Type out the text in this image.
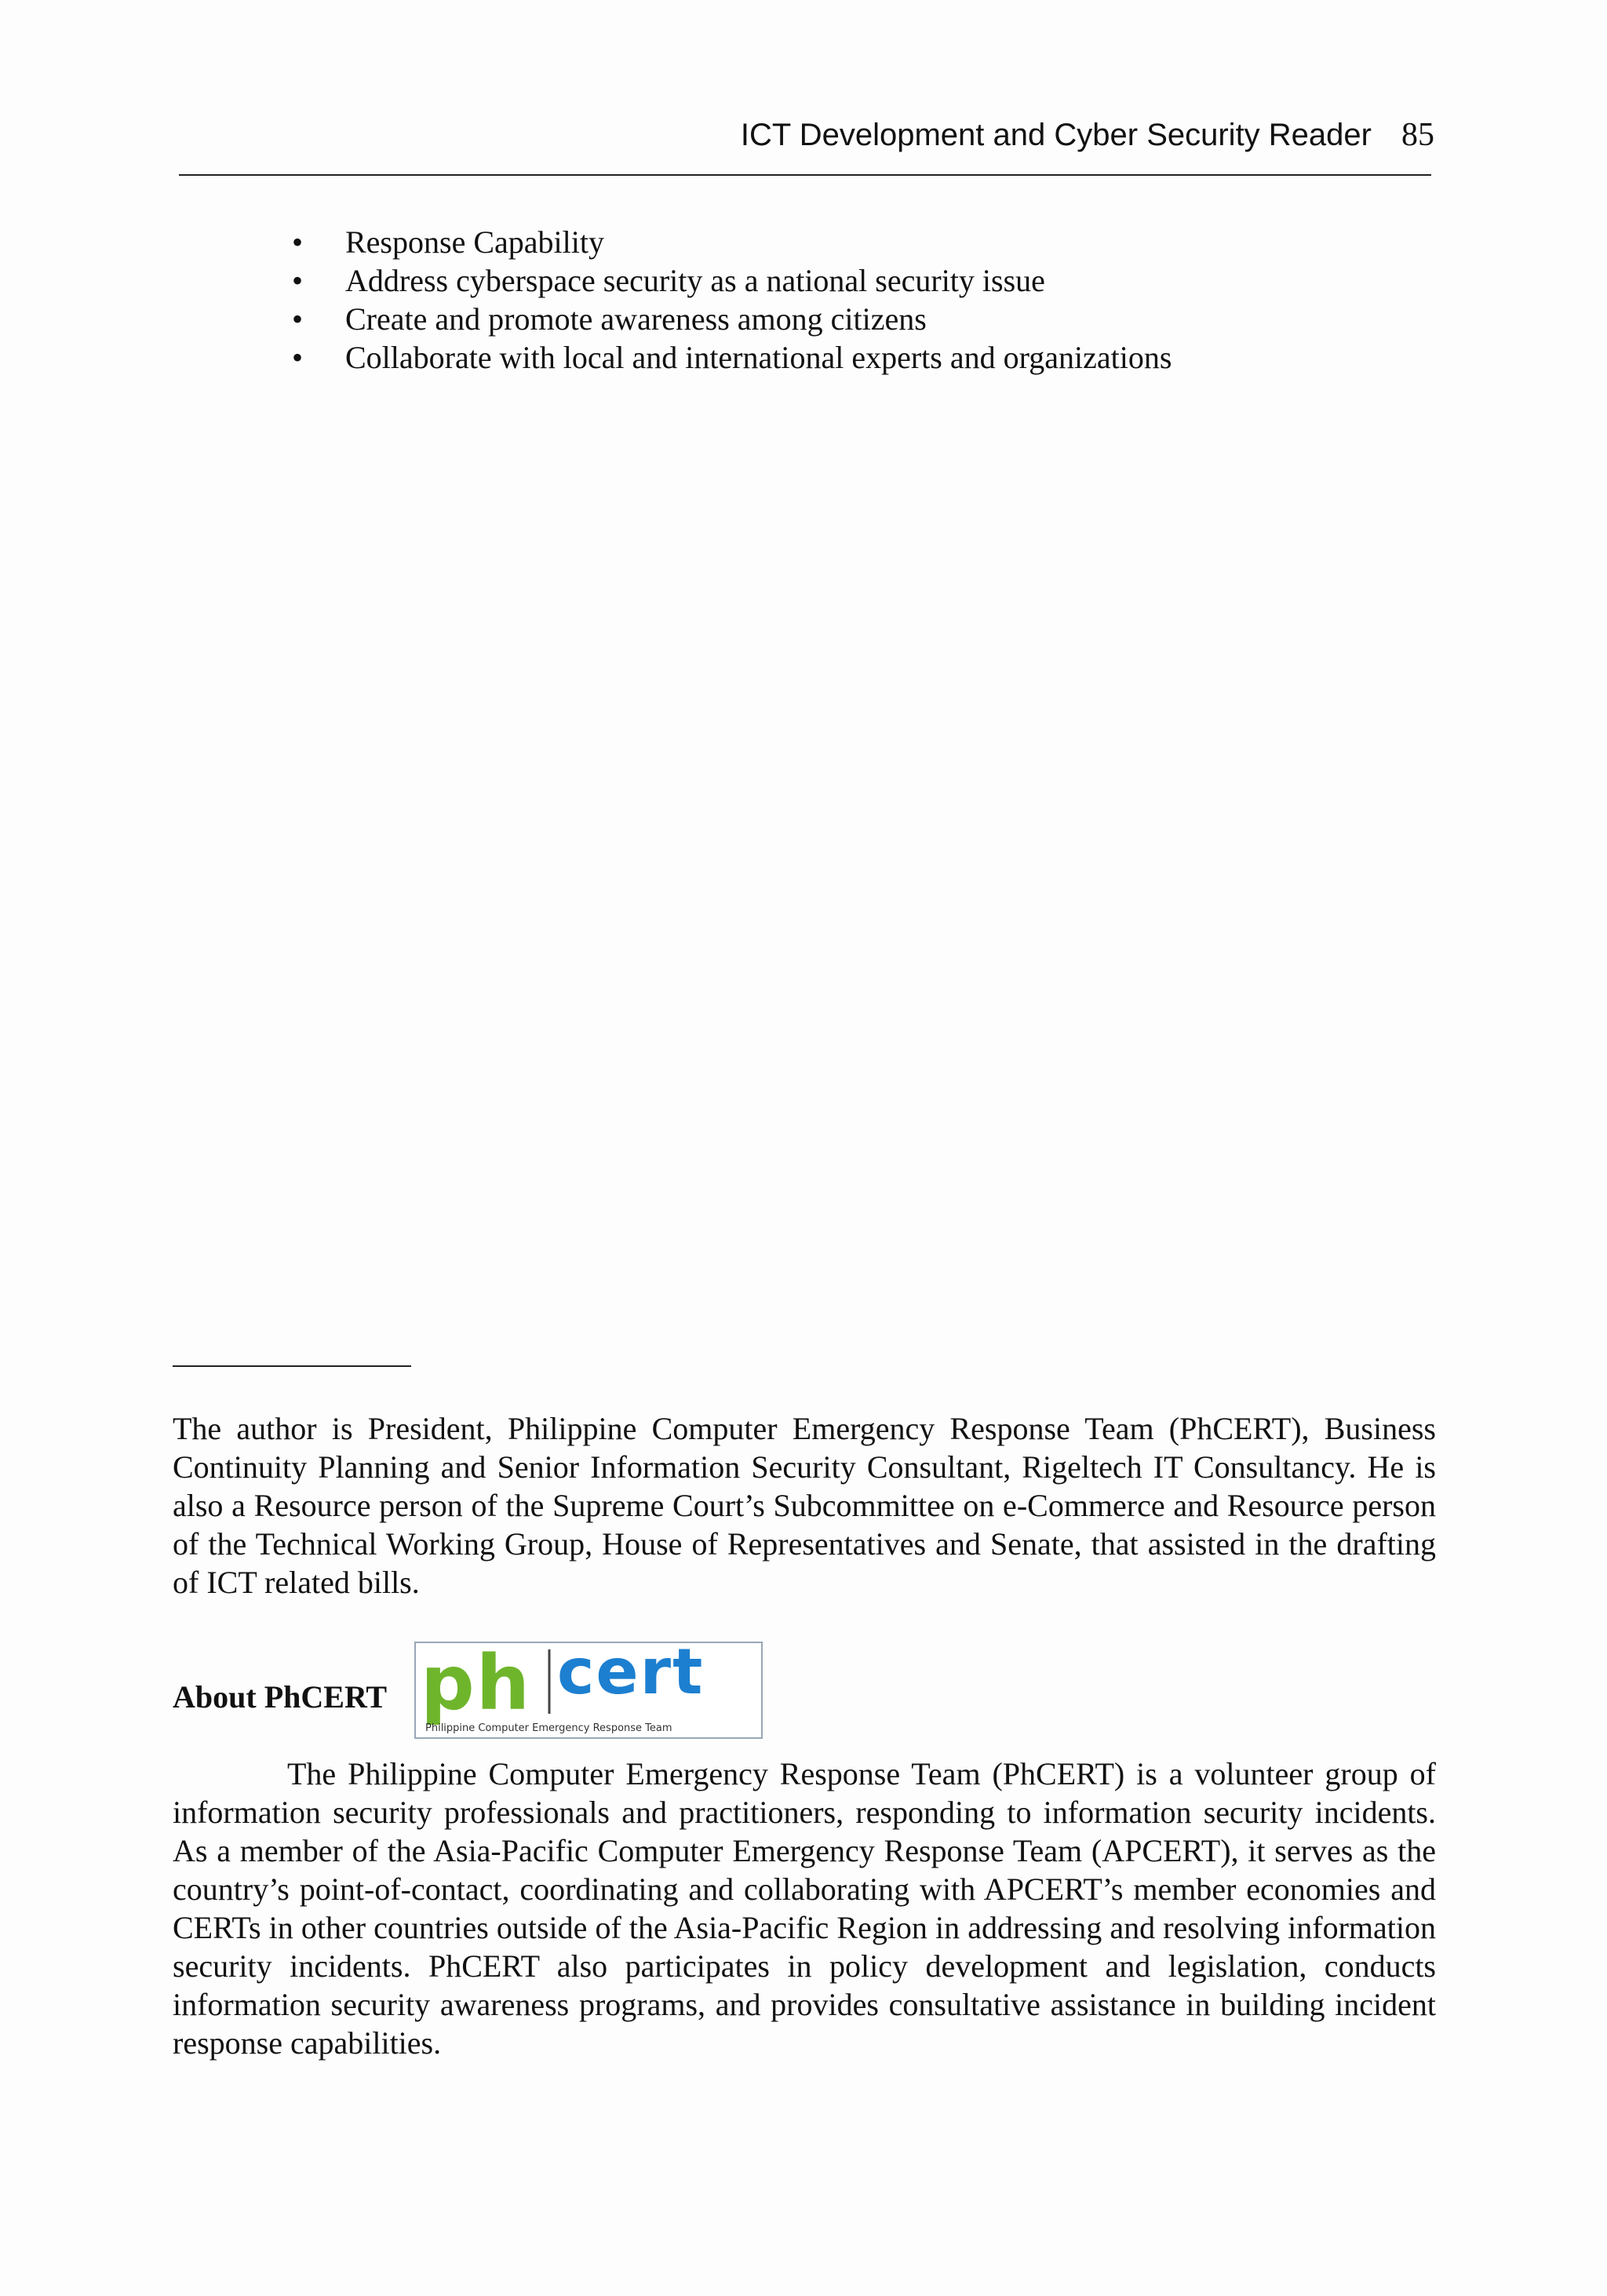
ICT Development and Cyber Security Reader 85
• Response Capability
• Address cyberspace security as a national security issue
• Create and promote awareness among citizens
• Collaborate with local and international experts and organizations

The author is President, Philippine Computer Emergency Response Team (PhCERT), Business Continuity Planning and Senior Information Security Consultant, Rigeltech IT Consultancy. He is also a Resource person of the Supreme Court’s Subcommittee on e-Commerce and Resource person of the Technical Working Group, House of Representatives and Senate, that assisted in the drafting of ICT related bills.

About PhCERT ph cert
Philippine Computer Emergency Response Team

The Philippine Computer Emergency Response Team (PhCERT) is a volunteer group of information security professionals and practitioners, responding to information security incidents. As a member of the Asia-Pacific Computer Emergency Response Team (APCERT), it serves as the country’s point-of-contact, coordinating and collaborating with APCERT’s member economies and CERTs in other countries outside of the Asia-Pacific Region in addressing and resolving information security incidents. PhCERT also participates in policy development and legislation, conducts information security awareness programs, and provides consultative assistance in building incident response capabilities.
